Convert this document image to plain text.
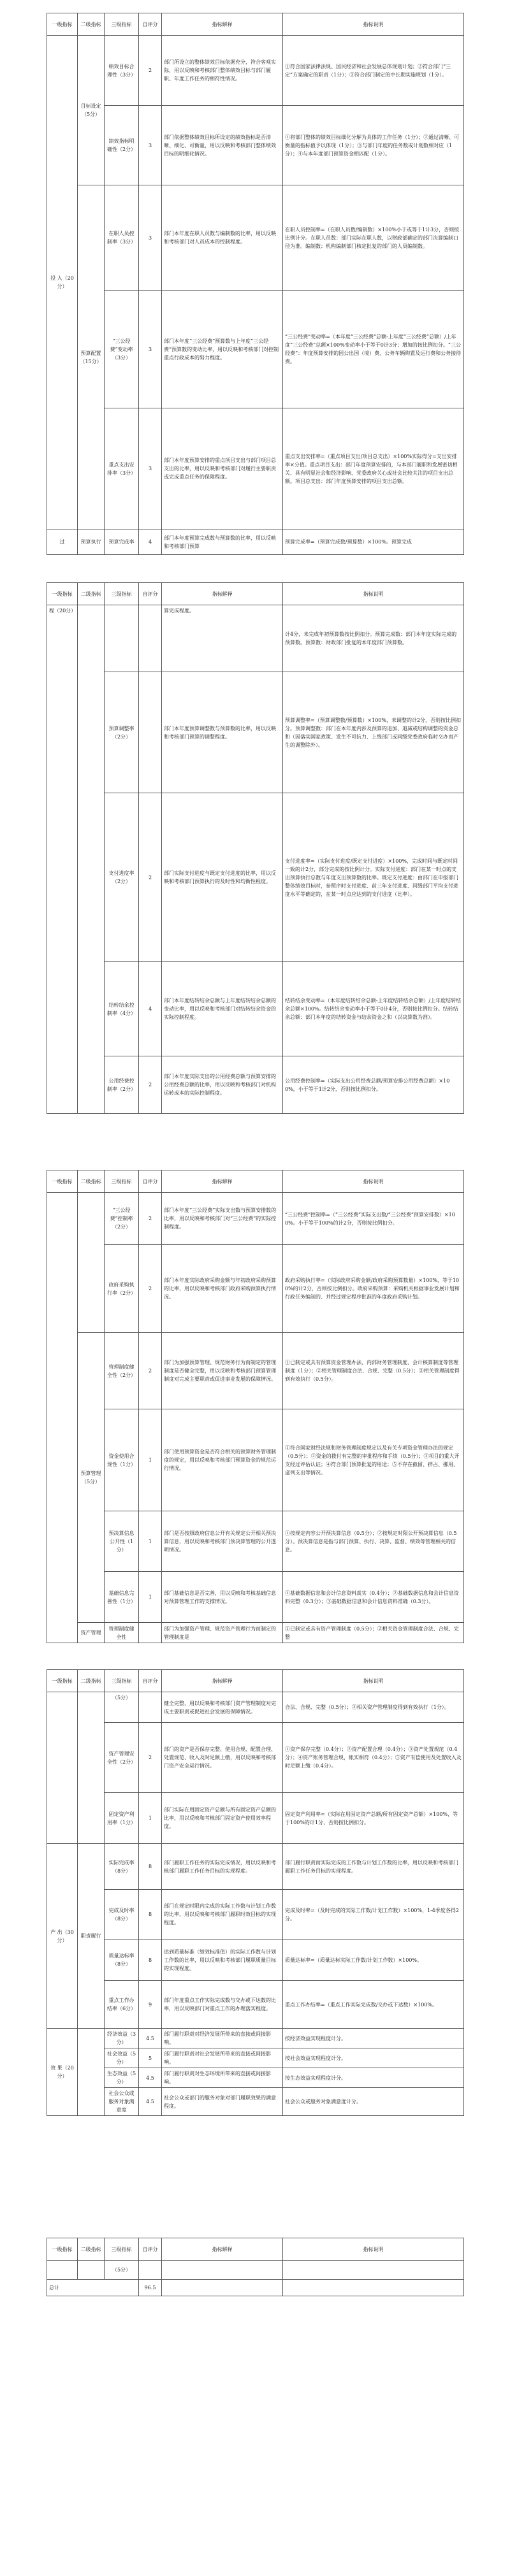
一级指标	二级指标	三级指标	自评分	指标解释	指标说明
投 入（20分）	目标设定（5分）	绩效目标合理性（3分）	2	部门所设立的整体绩效目标依据充分，符合客观实际，用以反映和考核部门整体绩效目标与部门履职、年度工作任务的相符性情况。	①符合国家法律法规、国民经济和社会发展总体规划计划；②符合部门“三定”方案确定的职责（1分）；③符合部门制定的中长期实施规划（1分）。
		绩效指标明确性（2分）	3	部门依据整体绩效目标所设定的绩效指标是否清晰、细化、可衡量，用以反映和考核部门整体绩效目标的明细化情况。	①将部门整体的绩效目标细化分解为具体的工作任务（1分）；②通过清晰、可衡量的指标值予以体现（1分）；③与部门年度的任务数或计划数相对应（1分）；④与本年度部门预算资金相匹配（1分）。
	预算配置（15分）	在职人员控制率（3分）	3	部门本年度在职人员数与编制数的比率，用以反映和考核部门对人员成本的控制程度。	在职人员控制率=（在职人员数/编制数）×100%小于或等于1计3分，否则按比例计分。在职人员数：部门实际在职人数，以财政部确定的部门决算编制口径为准。编制数：机构编制部门核定批复的部门的人员编制数。
		“三公经费”变动率（3分）	3	部门本年度“三公经费”预算数与上年度“三公经费”预算数的变动比率，用以反映和考核部门对控制重点行政成本的努力程度。	“三公经费”变动率=（本年度“三公经费”总额-上年度“三公经费”总额）/上年度“三公经费”总额×100%变动率小于等于0计3分；增加的按比例扣分。“三公经费”：年度预算安排的因公出国（境）费、公务车辆购置及运行费和公务接待费。
		重点支出安排率（3分）	3	部门本年度预算安排的重点项目支出与部门项目总支出的比率，用以反映和考核部门对履行主要职责或完成重点任务的保障程度。	重点支出安排率=（重点项目支出/项目总支出）×100%实际得分=支出安排率×分值。重点项目支出：部门年度预算安排的，与本部门履职和发展密切相关、具有明显社会和经济影响、党委政府关心或社会比较关注的项目支出总额。项目总支出：部门年度预算安排的项目支出总额。
过	预算执行	预算完成率	4	部门本年度预算完成数与预算数的比率，用以反映和考核部门预算	预算完成率=（预算完成数/预算数）×100%。预算完成
一级指标	二级指标	三级指标	自评分	指标解释	指标说明
程（20分）				算完成程度。	计4分，未完成年初预算数按比例扣分。预算完成数：部门本年度实际完成的预算数。预算数：财政部门批复的本年度部门预算数。
		预算调整率（2分）		部门本年度预算调整数与预算数的比率，用以反映和考核部门预算的调整程度。	预算调整率=（预算调整数/预算数）×100%，未调整的计2分，否则按比例扣分。预算调整数：部门在本年度内涉及预算的追加、追减或结构调整的资金总和（因落实国家政策、发生不可抗力、上级部门或同级党委政府临时交办而产生的调整除外）。
		支付进度率（2分）	2	部门实际支付进度与既定支付进度的比率，用以反映和考核部门预算执行的及时性和均衡性程度。	支付进度率=（实际支付进度/既定支付进度）×100%，完成时间与既定时间一致的计2分，部分完成的按比例计分。实际支付进度：部门在某一时点的支出预算执行总数与年度支出预算数的比率。既定支付进度：由部门在申报部门整体绩效目标时，参照序时支付进度、前三年支付进度、同级部门平均支付进度水平等确定的，在某一时点应达到的支付进度（比率）。
		结转结余控制率（4分）	4	部门本年度结转结余总额与上年度结转结余总额的变动比率，用以反映和考核部门对结转结余资金的实际控制程度。	结转结余变动率=（本年度结转结余总额-上年度结转结余总额）/上年度结转结余总额×100%。结转结余变动率小于等于0计4分，否则按比例扣分。结转结余总额：部门本年度的结转资金与结余资金之和（以决算数为准）。
		公用经费控制率（2分）	2	部门本年度实际支出的公用经费总额与预算安排的公用经费总额的比率，用以反映和考核部门对机构运转成本的实际控制程度。	公用经费控制率=（实际支出公用经费总额/预算安排公用经费总额）×100%，小于等于1计2分，否则按比例扣分。
一级指标	二级指标	三级指标	自评分	指标解释	指标说明
		“三公经费”控制率（2分）	2	部门本年度“三公经费”实际支出数与预算安排数的比率，用以反映和考核部门对“三公经费”的实际控制程度。	“三公经费”控制率=（“三公经费”实际支出数/“三公经费”预算安排数）×100%。小于等于100%的计2分，否则按比例扣分。
		政府采购执行率（2分）	2	部门本年度实际政府采购金额与年初政府采购预算的比率，用以反映和考核部门政府采购预算执行情况。	政府采购执行率=（实际政府采购金额/政府采购预算数量）×100%，等于100%的计2分，否则按比例扣分。政府采购预算：采购机关根据事业发展计划和行政任务编制的、并经过规定程序批准的年度政府采购计划。
	预算管理（5分）	管理制度健全性（2分）	2	部门为加强预算管理、规范财务行为而制定的管理制度是否健全完整，用以反映和考核部门预算管理制度对完成主要职责或促进事业发展的保障情况。	①已制定或具有预算资金管理办法、内部财务管理制度、会计核算制度等管理制度（1分）；②相关管理制度合法、合规、完整（0.5分）；③相关管理制度得到有效执行（0.5分）。
		资金使用合规性（1分）	1	部门使用预算资金是否符合相关的预算财务管理制度的规定，用以反映和考核部门预算资金的规范运行情况。	①符合国家财经法规和财务管理制度规定以及有关专项资金管理办法的规定（0.5分）；②资金的拨付有完整的审批程序和手续（0.5分）；③项目的重大开支经过评估认证；④符合部门预算批复的用途；⑤不存在截留、挤占、挪用、虚列支出等情况。
		预决算信息公开性（1分）	1	部门是否按照政府信息公开有关规定公开相关预决算信息，用以反映和考核部门预决算管理的公开透明情况。	①按规定内容公开预决算信息（0.5分）；②按规定时限公开预决算信息（0.5分）。预决算信息是指与部门预算、执行、决算、监督、绩效等管理相关的信息。
		基础信息完善性（1分）	1	部门基础信息是否完善，用以反映和考核基础信息对预算管理工作的支撑情况。	①基础数据信息和会计信息资料真实（0.4分）；②基础数据信息和会计信息资料完整（0.3分）；③基础数据信息和会计信息资料准确（0.3分）。
	资产管理	管理制度健全性		部门为加强资产管理、规范资产管理行为而制定的管理制度是	①已制定或具有资产管理制度（0.5分）；②相关资金管理制度合法、合规、完整
一级指标	二级指标	三级指标	自评分	指标解释	指标说明
		（5分）		健全完整，用以反映和考核部门资产管理制度对完成主要职责或促进社会发展的保障情况。	合法、合规、完整（0.5分）；③相关资产管理制度得到有效执行（1分）。
		资产管理安全性（2分）	2	部门的资产是否保存完整、使用合规、配置合理、处置规范、收入及时足额上缴，用以反映和考核部门资产安全运行情况。	①资产保存完整（0.4分）；②资产配置合理（0.4分）；③资产处置规范（0.4分）；④资产账务管理合规，帐实相符（0.4分）；⑤资产有偿使用及处置收入及时足额上缴（0.4分）。
		固定资产利用率（1分）	1	部门实际在用固定资产总额与所有固定资产总额的比率，用以反映和考核部门固定资产使用效率程度。	固定资产利用率=（实际在用固定资产总额/所有固定资产总额）×100%，等于100%的计1分，否则按比例扣分。
产 出（30分）	职责履行	实际完成率（8分）	8	部门履职工作任务的实际完成情况，用以反映和考核部门履职工作任务目标的实现程度。	部门履行职责而实际完成的工作数与计划工作数的比率，用以反映和考核部门履职工作任务目标的实现程度。
		完成及时率（8分）	8	部门在规定时限内完成的实际工作数与计划工作数的比率，用以反映和考核部门履职时效目标的实现程度。	完成及时率=（及时完成的实际工作数/计划工作数）×100%，1-4季度各得2分。
		质量达标率（8分）	8	达到质量标准（绩效标准值）的实际工作数与计划工作数的比率，用以反映和考核部门履职质量目标的实现程度。	质量达标率=（质量达标实际工作数/计划工作数）×100%。
		重点工作办结率（6分）	9	部门年度重点工作实际完成数与交办或下达数的比率，用以反映部门对重点工作的办理落实程度。	重点工作办结率=（重点工作实际完成数/交办或下达数）×100%。
效 果（20分）		经济效益（3分）	4.5	部门履行职责对经济发展所带来的直接或间接影响。	按经济效益实现程度计分。
		社会效益（5分）	5	部门履行职责对社会发展所带来的直接或间接影响。	按社会效益实现程度计分。
		生态效益（5分）	4.5	部门履行职责对生态环境所带来的直接或间接影响。	按生态效益实现程度计分。
		社会公众或服务对象满意度	4.5	社会公众或部门的服务对象对部门履职效果的满意程度。	社会公众或服务对象满意度计分。
一级指标	二级指标	三级指标	自评分	指标解释	指标说明
		（5分）			
总计			96.5		
